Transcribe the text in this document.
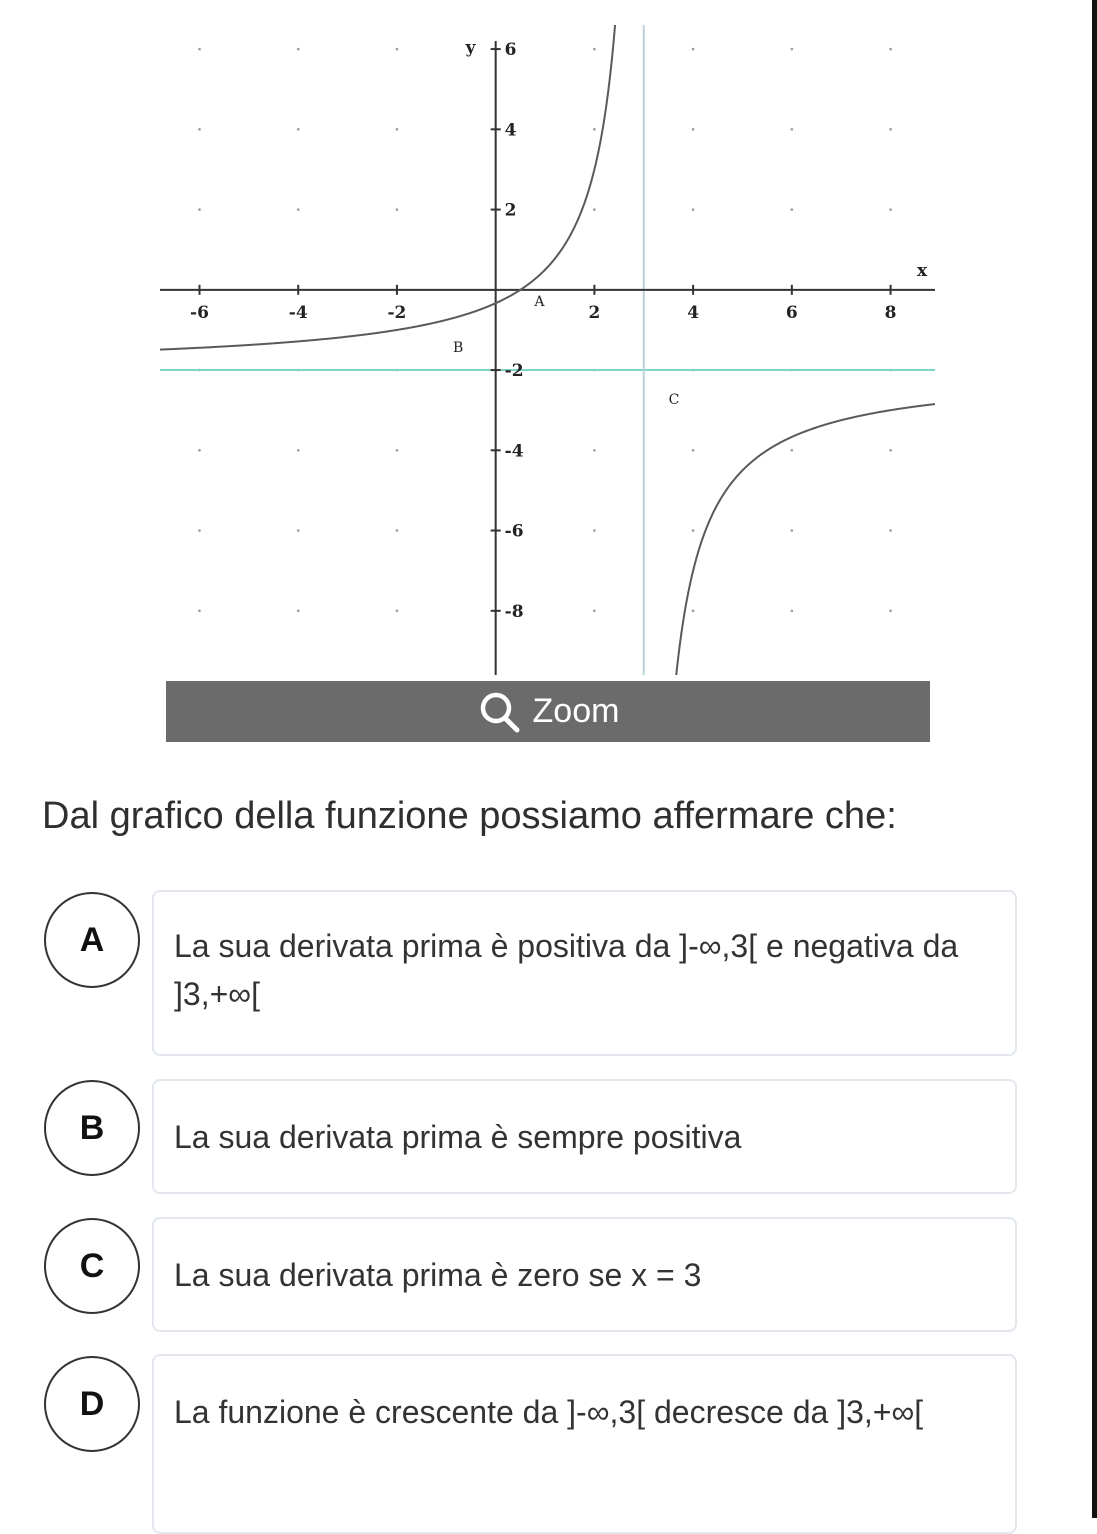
-6	-4	-2	2	4	6	8
6
4
2
-2
-4
-6
-8
x
y
A
B
C
Zoom
Dal grafico della funzione possiamo affermare che:
A	La sua derivata prima è positiva da ]-∞,3[ e negativa da ]3,+∞[
B	La sua derivata prima è sempre positiva
C	La sua derivata prima è zero se x = 3
D	La funzione è crescente da ]-∞,3[ decresce da ]3,+∞[
